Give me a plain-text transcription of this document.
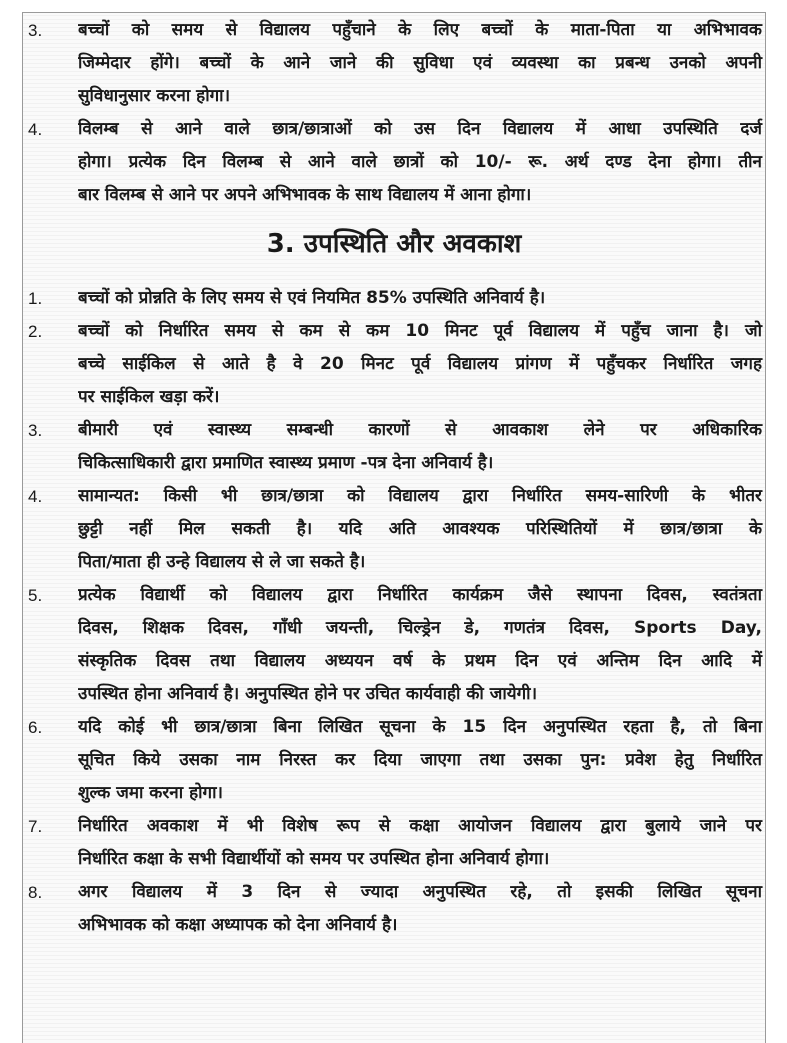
3. बच्चों को समय से विद्यालय पहुँचाने के लिए बच्चों के माता-पिता या अभिभावक
जिम्मेदार होंगे। बच्चों के आने जाने की सुविधा एवं व्यवस्था का प्रबन्ध उनको अपनी
सुविधानुसार करना होगा।
4. विलम्ब से आने वाले छात्र/छात्राओं को उस दिन विद्यालय में आधा उपस्थिति दर्ज
होगा। प्रत्येक दिन विलम्ब से आने वाले छात्रों को 10/- रू. अर्थ दण्ड देना होगा। तीन
बार विलम्ब से आने पर अपने अभिभावक के साथ विद्यालय में आना होगा।
3. उपस्थिति और अवकाश
1. बच्चों को प्रोन्नति के लिए समय से एवं नियमित 85% उपस्थिति अनिवार्य है।
2. बच्चों को निर्धारित समय से कम से कम 10 मिनट पूर्व विद्यालय में पहुँच जाना है। जो
बच्चे साईकिल से आते है वे 20 मिनट पूर्व विद्यालय प्रांगण में पहुँचकर निर्धारित जगह
पर साईकिल खड़ा करें।
3. बीमारी एवं स्वास्थ्य सम्बन्धी कारणों से आवकाश लेने पर अधिकारिक
चिकित्साधिकारी द्वारा प्रमाणित स्वास्थ्य प्रमाण -पत्र देना अनिवार्य है।
4. सामान्यत: किसी भी छात्र/छात्रा को विद्यालय द्वारा निर्धारित समय-सारिणी के भीतर
छुट्टी नहीं मिल सकती है। यदि अति आवश्यक परिस्थितियों में छात्र/छात्रा के
पिता/माता ही उन्हे विद्यालय से ले जा सकते है।
5. प्रत्येक विद्यार्थी को विद्यालय द्वारा निर्धारित कार्यक्रम जैसे स्थापना दिवस, स्वतंत्रता
दिवस, शिक्षक दिवस, गाँधी जयन्ती, चिल्ड्रेन डे, गणतंत्र दिवस, Sports Day,
संस्कृतिक दिवस तथा विद्यालय अध्ययन वर्ष के प्रथम दिन एवं अन्तिम दिन आदि में
उपस्थित होना अनिवार्य है। अनुपस्थित होने पर उचित कार्यवाही की जायेगी।
6. यदि कोई भी छात्र/छात्रा बिना लिखित सूचना के 15 दिन अनुपस्थित रहता है, तो बिना
सूचित किये उसका नाम निरस्त कर दिया जाएगा तथा उसका पुन: प्रवेश हेतु निर्धारित
शुल्क जमा करना होगा।
7. निर्धारित अवकाश में भी विशेष रूप से कक्षा आयोजन विद्यालय द्वारा बुलाये जाने पर
निर्धारित कक्षा के सभी विद्यार्थीयों को समय पर उपस्थित होना अनिवार्य होगा।
8. अगर विद्यालय में 3 दिन से ज्यादा अनुपस्थित रहे, तो इसकी लिखित सूचना
अभिभावक को कक्षा अध्यापक को देना अनिवार्य है।
